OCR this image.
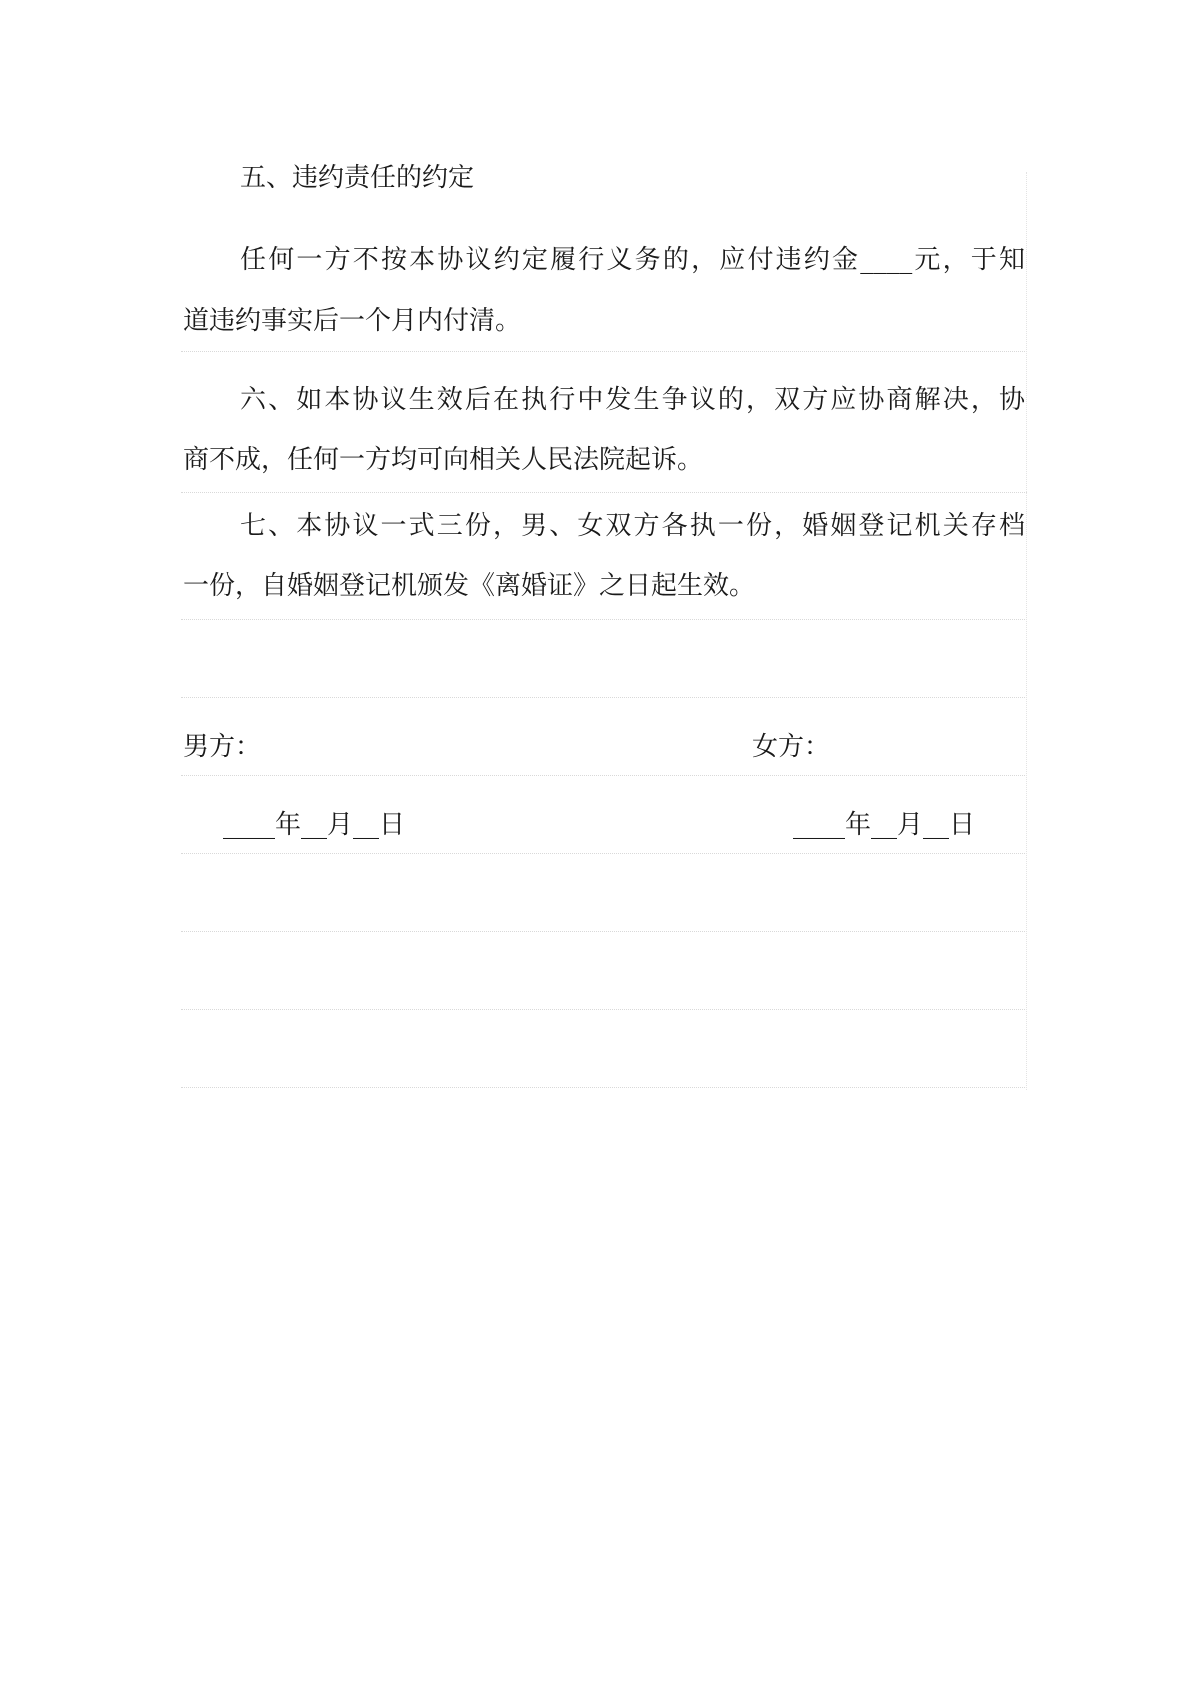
五、违约责任的约定
任何一方不按本协议约定履行义务的，应付违约金____元，于知
道违约事实后一个月内付清。
六、如本协议生效后在执行中发生争议的，双方应协商解决，协
商不成，任何一方均可向相关人民法院起诉。
七、本协议一式三份，男、女双方各执一份，婚姻登记机关存档
一份，自婚姻登记机颁发《离婚证》之日起生效。
男方：	女方：
____年__月__日	____年__月__日
